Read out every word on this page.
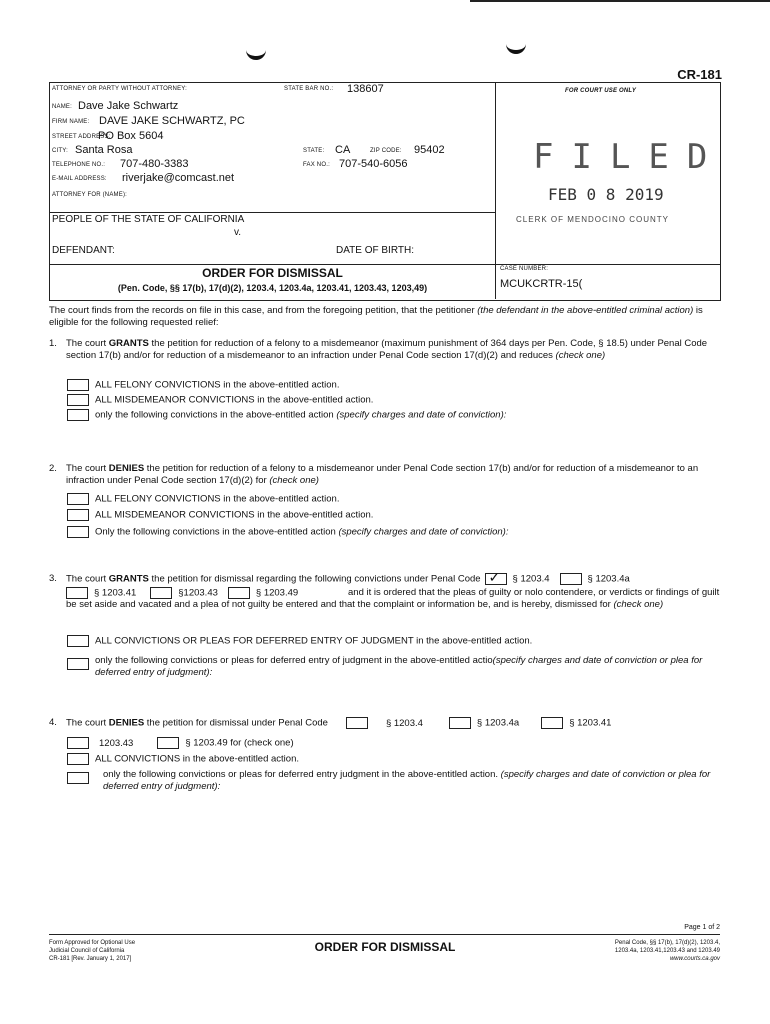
CR-181
ATTORNEY OR PARTY WITHOUT ATTORNEY:	STATE BAR NO.: 138607	FOR COURT USE ONLY
NAME: Dave Jake Schwartz
FIRM NAME: DAVE JAKE SCHWARTZ, PC
STREET ADDRESS:
PO Box 5604
CITY: Santa Rosa	STATE: CA	ZIP CODE: 95402
TELEPHONE NO.: 707-480-3383	FAX NO.: 707-540-6056
E-MAIL ADDRESS: riverjake@comcast.net
ATTORNEY FOR (NAME):
FILED
FEB 0 8 2019
CLERK OF MENDOCINO COUNTY
PEOPLE OF THE STATE OF CALIFORNIA
v.
DEFENDANT:	DATE OF BIRTH:
ORDER FOR DISMISSAL
(Pen. Code, §§ 17(b), 17(d)(2), 1203.4, 1203.4a, 1203.41, 1203.43, 1203,49)
CASE NUMBER:
MCUKCRTR-15(
The court finds from the records on file in this case, and from the foregoing petition, that the petitioner (the defendant in the above-entitled criminal action) is eligible for the following requested relief:
1. The court GRANTS the petition for reduction of a felony to a misdemeanor (maximum punishment of 364 days per Pen. Code, § 18.5) under Penal Code section 17(b) and/or for reduction of a misdemeanor to an infraction under Penal Code section 17(d)(2) and reduces (check one)
ALL FELONY CONVICTIONS in the above-entitled action.
ALL MISDEMEANOR CONVICTIONS in the above-entitled action.
only the following convictions in the above-entitled action (specify charges and date of conviction):
2. The court DENIES the petition for reduction of a felony to a misdemeanor under Penal Code section 17(b) and/or for reduction of a misdemeanor to an infraction under Penal Code section 17(d)(2) for (check one)
ALL FELONY CONVICTIONS in the above-entitled action.
ALL MISDEMEANOR CONVICTIONS in the above-entitled action.
Only the following convictions in the above-entitled action (specify charges and date of conviction):
3. The court GRANTS the petition for dismissal regarding the following convictions under Penal Code ✓ § 1203.4	§ 1203.4a
§ 1203.41	§1203.43	§ 1203.49	and it is ordered that the pleas of guilty or nolo contendere, or verdicts or findings of guilt be set aside and vacated and a plea of not guilty be entered and that the complaint or information be, and is hereby, dismissed for (check one)
ALL CONVICTIONS OR PLEAS FOR DEFERRED ENTRY OF JUDGMENT in the above-entitled action.
only the following convictions or pleas for deferred entry of judgment in the above-entitled actio(specify charges and date of conviction or plea for deferred entry of judgment):
4. The court DENIES the petition for dismissal under Penal Code	§ 1203.4	§ 1203.4a	§ 1203.41
1203.43	§ 1203.49 for (check one)
ALL CONVICTIONS in the above-entitled action.
only the following convictions or pleas for deferred entry judgment in the above-entitled action. (specify charges and date of conviction or plea for deferred entry of judgment):
Page 1 of 2
Form Approved for Optional Use
Judicial Council of California
CR-181 [Rev. January 1, 2017]
ORDER FOR DISMISSAL	Penal Code, §§ 17(b), 17(d)(2), 1203.4,
1203.4a, 1203.41,1203.43 and 1203.49
www.courts.ca.gov
